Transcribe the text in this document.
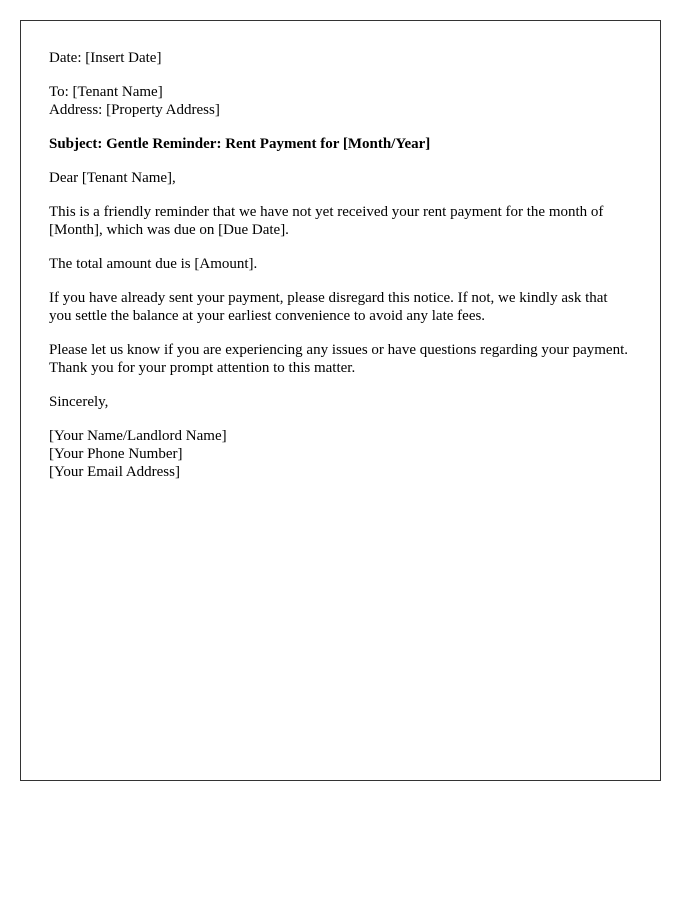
Date: [Insert Date]

To: [Tenant Name]
Address: [Property Address]

Subject: Gentle Reminder: Rent Payment for [Month/Year]

Dear [Tenant Name],

This is a friendly reminder that we have not yet received your rent payment for the month of [Month], which was due on [Due Date].

The total amount due is [Amount].

If you have already sent your payment, please disregard this notice. If not, we kindly ask that you settle the balance at your earliest convenience to avoid any late fees.

Please let us know if you are experiencing any issues or have questions regarding your payment. Thank you for your prompt attention to this matter.

Sincerely,

[Your Name/Landlord Name]
[Your Phone Number]
[Your Email Address]
